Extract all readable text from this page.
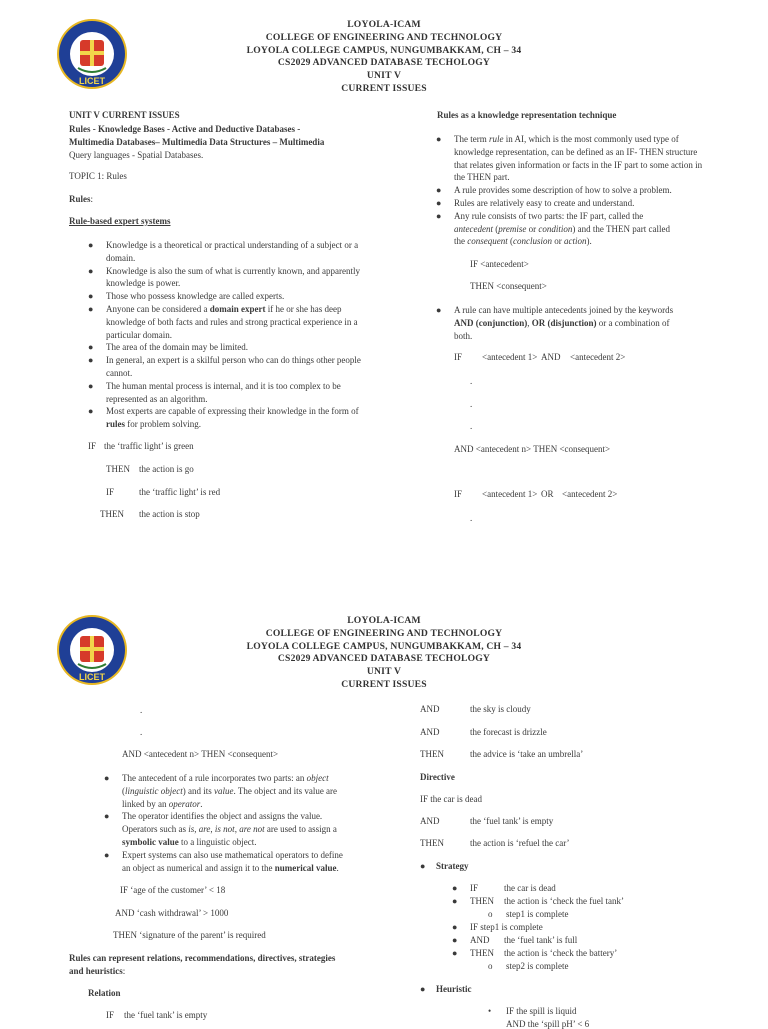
LICET
LOYOLA-ICAM
COLLEGE OF ENGINEERING AND TECHNOLOGY
LOYOLA COLLEGE CAMPUS, NUNGUMBAKKAM, CH – 34
CS2029 ADVANCED DATABASE TECHOLOGY
UNIT V
CURRENT ISSUES
UNIT V CURRENT ISSUES
Rules - Knowledge Bases - Active and Deductive Databases -
Multimedia Databases– Multimedia Data Structures – Multimedia
Query languages - Spatial Databases.
TOPIC 1: Rules
Rules:
Rule-based expert systems
● Knowledge is a theoretical or practical understanding of a subject or a domain.
● Knowledge is also the sum of what is currently known, and apparently knowledge is power.
● Those who possess knowledge are called experts.
● Anyone can be considered a domain expert if he or she has deep knowledge of both facts and rules and strong practical experience in a particular domain.
● The area of the domain may be limited.
● In general, an expert is a skilful person who can do things other people cannot.
● The human mental process is internal, and it is too complex to be represented as an algorithm.
● Most experts are capable of expressing their knowledge in the form of rules for problem solving.
IF the ‘traffic light’ is green
THEN the action is go
IF	the ‘traffic light’ is red
THEN the action is stop
Rules as a knowledge representation technique
● The term rule in AI, which is the most commonly used type of knowledge representation, can be defined as an IF- THEN structure that relates given information or facts in the IF part to some action in the THEN part.
● A rule provides some description of how to solve a problem.
● Rules are relatively easy to create and understand.
● Any rule consists of two parts: the IF part, called the
antecedent (premise or condition) and the THEN part called
the consequent (conclusion or action).
IF <antecedent>
THEN <consequent>
● A rule can have multiple antecedents joined by the keywords
AND (conjunction), OR (disjunction) or a combination of
both.
IF <antecedent 1> AND <antecedent 2>
.
.
.
AND <antecedent n> THEN <consequent>
IF <antecedent 1> OR <antecedent 2>
.
LICET
LOYOLA-ICAM
COLLEGE OF ENGINEERING AND TECHNOLOGY
LOYOLA COLLEGE CAMPUS, NUNGUMBAKKAM, CH – 34
CS2029 ADVANCED DATABASE TECHOLOGY
UNIT V
CURRENT ISSUES
.
.
AND <antecedent n> THEN <consequent>
● The antecedent of a rule incorporates two parts: an object
(linguistic object) and its value. The object and its value are
linked by an operator.
● The operator identifies the object and assigns the value.
Operators such as is, are, is not, are not are used to assign a
symbolic value to a linguistic object.
● Expert systems can also use mathematical operators to define
an object as numerical and assign it to the numerical value.
IF ‘age of the customer’ < 18
AND ‘cash withdrawal’ > 1000
THEN ‘signature of the parent’ is required
Rules can represent relations, recommendations, directives, strategies
and heuristics:
Relation
IF the ‘fuel tank’ is empty
AND	the sky is cloudy
AND	the forecast is drizzle
THEN	the advice is ‘take an umbrella’
Directive
IF the car is dead
AND	the ‘fuel tank’ is empty
THEN	the action is ‘refuel the car’
● Strategy
● IF	the car is dead
● THEN the action is ‘check the fuel tank’
o step1 is complete
● IF step1 is complete
● AND the ‘fuel tank’ is full
● THEN the action is ‘check the battery’
o step2 is complete
● Heuristic
• IF the spill is liquid
AND the ‘spill pH’ < 6
